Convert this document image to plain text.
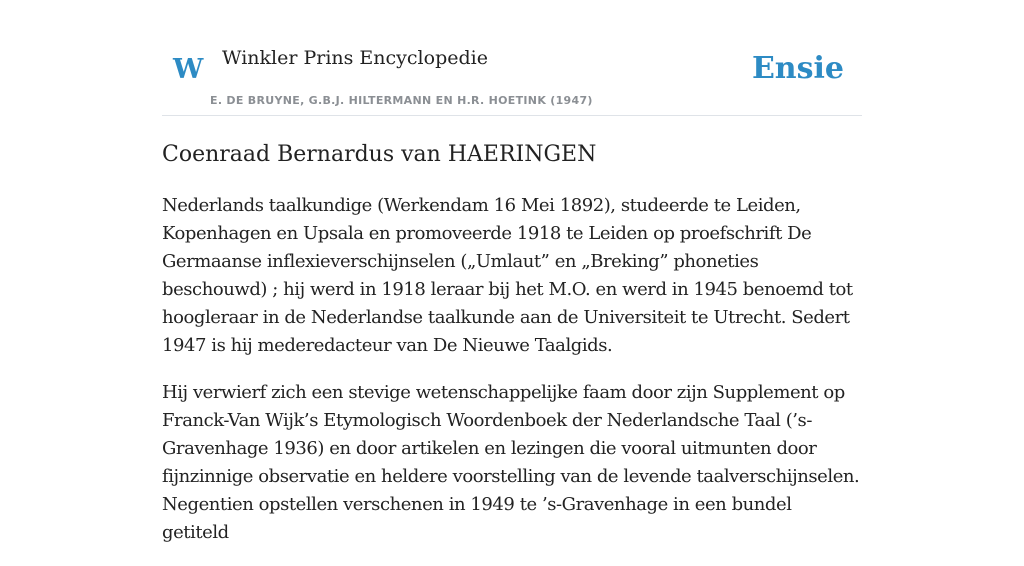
W Winkler Prins Encyclopedie
E. DE BRUYNE, G.B.J. HILTERMANN EN H.R. HOETINK (1947)
Ensie
Coenraad Bernardus van HAERINGEN

Nederlands taalkundige (Werkendam 16 Mei 1892), studeerde te Leiden, Kopenhagen en Upsala en promoveerde 1918 te Leiden op proefschrift De Germaanse inflexieverschijnselen („Umlaut” en „Breking” phoneties beschouwd) ; hij werd in 1918 leraar bij het M.O. en werd in 1945 benoemd tot hoogleraar in de Nederlandse taalkunde aan de Universiteit te Utrecht. Sedert 1947 is hij mederedacteur van De Nieuwe Taalgids.

Hij verwierf zich een stevige wetenschappelijke faam door zijn Supplement op Franck-Van Wijk’s Etymologisch Woordenboek der Nederlandsche Taal (’s-Gravenhage 1936) en door artikelen en lezingen die vooral uitmunten door fijnzinnige observatie en heldere voorstelling van de levende taalverschijnselen. Negentien opstellen verschenen in 1949 te ’s-Gravenhage in een bundel getiteld
